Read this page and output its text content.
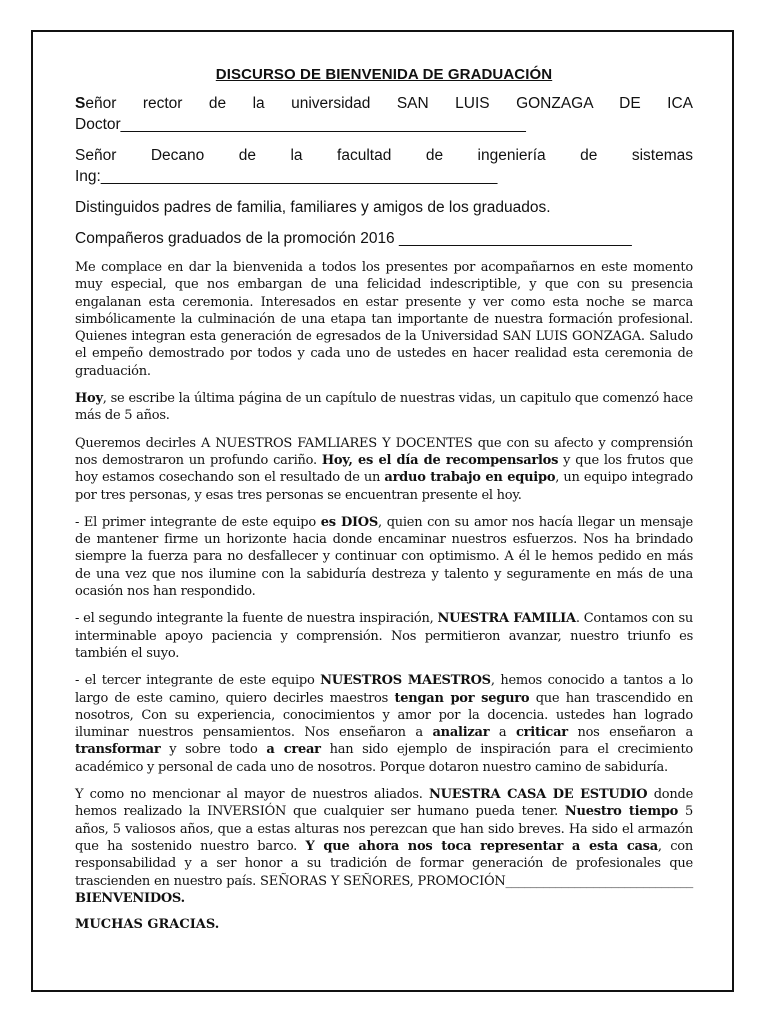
DISCURSO DE BIENVENIDA DE GRADUACIÓN

Señor rector de la universidad SAN LUIS GONZAGA DE ICA

Doctor_______________________________________________

Señor Decano de la facultad de ingeniería de sistemas

Ing:______________________________________________

Distinguidos padres de familia, familiares y amigos de los graduados.

Compañeros graduados de la promoción 2016 ___________________________

Me complace en dar la bienvenida a todos los presentes por acompañarnos en este momento muy especial, que nos embargan de una felicidad indescriptible, y que con su presencia engalanan esta ceremonia. Interesados en estar presente y ver como esta noche se marca simbólicamente la culminación de una etapa tan importante de nuestra formación profesional. Quienes integran esta generación de egresados de la Universidad SAN LUIS GONZAGA. Saludo el empeño demostrado por todos y cada uno de ustedes en hacer realidad esta ceremonia de graduación.

Hoy, se escribe la última página de un capítulo de nuestras vidas, un capitulo que comenzó hace más de 5 años.

Queremos decirles A NUESTROS FAMLIARES Y DOCENTES que con su afecto y comprensión nos demostraron un profundo cariño. Hoy, es el día de recompensarlos y que los frutos que hoy estamos cosechando son el resultado de un arduo trabajo en equipo, un equipo integrado por tres personas, y esas tres personas se encuentran presente el hoy.

- El primer integrante de este equipo es DIOS, quien con su amor nos hacía llegar un mensaje de mantener firme un horizonte hacia donde encaminar nuestros esfuerzos. Nos ha brindado siempre la fuerza para no desfallecer y continuar con optimismo. A él le hemos pedido en más de una vez que nos ilumine con la sabiduría destreza y talento y seguramente en más de una ocasión nos han respondido.

- el segundo integrante la fuente de nuestra inspiración, NUESTRA FAMILIA. Contamos con su interminable apoyo paciencia y comprensión. Nos permitieron avanzar, nuestro triunfo es también el suyo.

- el tercer integrante de este equipo NUESTROS MAESTROS, hemos conocido a tantos a lo largo de este camino, quiero decirles maestros tengan por seguro que han trascendido en nosotros, Con su experiencia, conocimientos y amor por la docencia. ustedes han logrado iluminar nuestros pensamientos. Nos enseñaron a analizar a criticar nos enseñaron a transformar y sobre todo a crear han sido ejemplo de inspiración para el crecimiento académico y personal de cada uno de nosotros. Porque dotaron nuestro camino de sabiduría.

Y como no mencionar al mayor de nuestros aliados. NUESTRA CASA DE ESTUDIO donde hemos realizado la INVERSIÓN que cualquier ser humano pueda tener. Nuestro tiempo 5 años, 5 valiosos años, que a estas alturas nos perezcan que han sido breves. Ha sido el armazón que ha sostenido nuestro barco. Y que ahora nos toca representar a esta casa, con responsabilidad y a ser honor a su tradición de formar generación de profesionales que trascienden en nuestro país. SEÑORAS Y SEÑORES, PROMOCIÓN______________________________ BIENVENIDOS.

MUCHAS GRACIAS.
